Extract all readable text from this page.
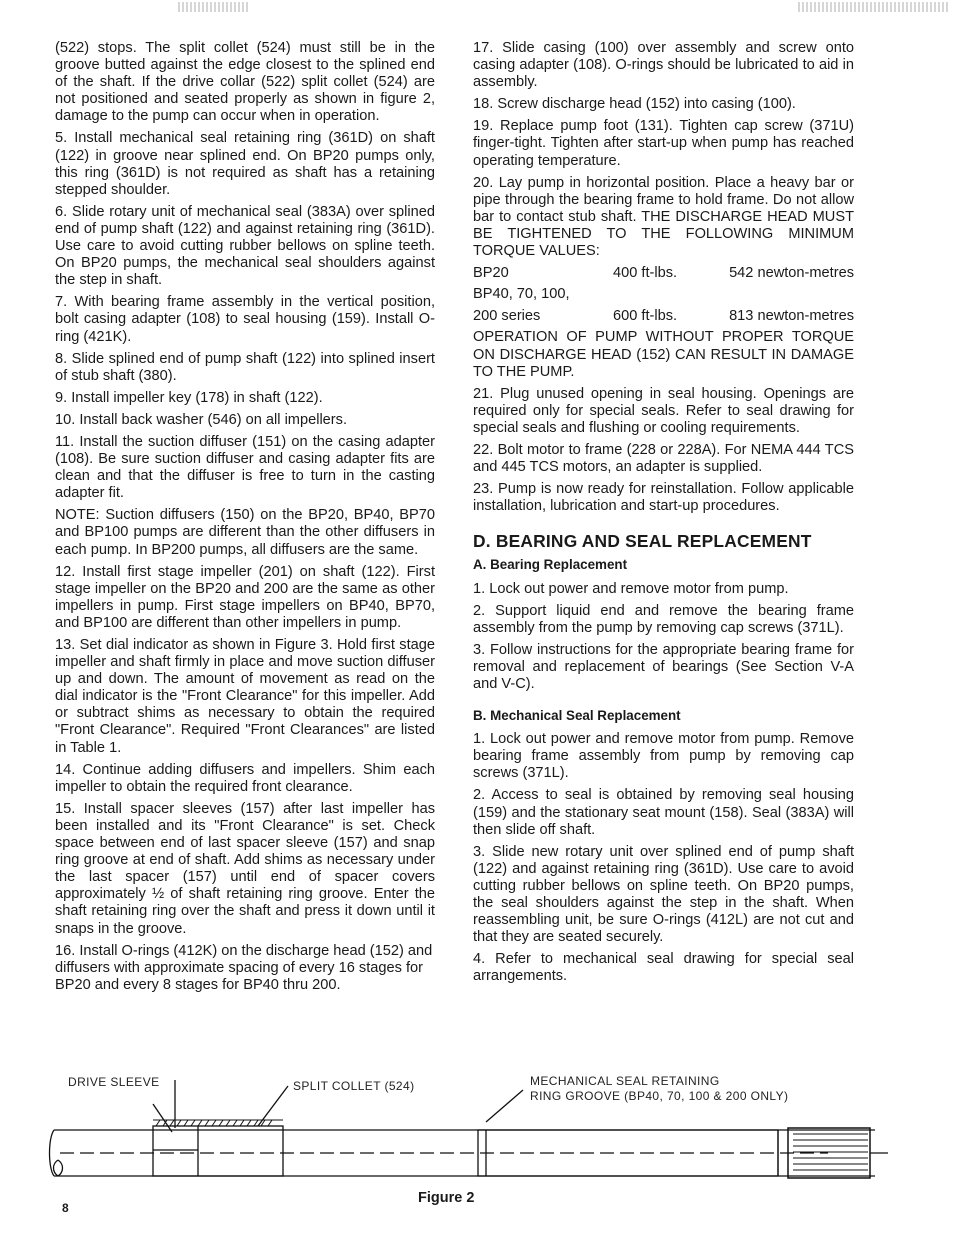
(522) stops. The split collet (524) must still be in the groove butted against the edge closest to the splined end of the shaft. If the drive collar (522) split collet (524) are not positioned and seated properly as shown in figure 2, damage to the pump can occur when in operation.

5. Install mechanical seal retaining ring (361D) on shaft (122) in groove near splined end. On BP20 pumps only, this ring (361D) is not required as shaft has a retaining stepped shoulder.

6. Slide rotary unit of mechanical seal (383A) over splined end of pump shaft (122) and against retaining ring (361D). Use care to avoid cutting rubber bellows on spline teeth. On BP20 pumps, the mechanical seal shoulders against the step in shaft.

7. With bearing frame assembly in the vertical position, bolt casing adapter (108) to seal housing (159). Install O-ring (421K).

8. Slide splined end of pump shaft (122) into splined insert of stub shaft (380).

9. Install impeller key (178) in shaft (122).

10. Install back washer (546) on all impellers.

11. Install the suction diffuser (151) on the casing adapter (108). Be sure suction diffuser and casing adapter fits are clean and that the diffuser is free to turn in the casting adapter fit.

NOTE: Suction diffusers (150) on the BP20, BP40, BP70 and BP100 pumps are different than the other diffusers in each pump. In BP200 pumps, all diffusers are the same.

12. Install first stage impeller (201) on shaft (122). First stage impeller on the BP20 and 200 are the same as other impellers in pump. First stage impellers on BP40, BP70, and BP100 are different than other impellers in pump.

13. Set dial indicator as shown in Figure 3. Hold first stage impeller and shaft firmly in place and move suction diffuser up and down. The amount of movement as read on the dial indicator is the "Front Clearance" for this impeller. Add or subtract shims as necessary to obtain the required "Front Clearance". Required "Front Clearances" are listed in Table 1.

14. Continue adding diffusers and impellers. Shim each impeller to obtain the required front clearance.

15. Install spacer sleeves (157) after last impeller has been installed and its "Front Clearance" is set. Check space between end of last spacer sleeve (157) and snap ring groove at end of shaft. Add shims as necessary under the last spacer (157) until end of spacer covers approximately ½ of shaft retaining ring groove. Enter the shaft retaining ring over the shaft and press it down until it snaps in the groove.

16. Install O-rings (412K) on the discharge head (152) and diffusers with approximate spacing of every 16 stages for BP20 and every 8 stages for BP40 thru 200.

17. Slide casing (100) over assembly and screw onto casing adapter (108). O-rings should be lubricated to aid in assembly.

18. Screw discharge head (152) into casing (100).

19. Replace pump foot (131). Tighten cap screw (371U) finger-tight. Tighten after start-up when pump has reached operating temperature.

20. Lay pump in horizontal position. Place a heavy bar or pipe through the bearing frame to hold frame. Do not allow bar to contact stub shaft. THE DISCHARGE HEAD MUST BE TIGHTENED TO THE FOLLOWING MINIMUM TORQUE VALUES:

BP20	400 ft-lbs.	542 newton-metres

BP40, 70, 100,

200 series	600 ft-lbs.	813 newton-metres

OPERATION OF PUMP WITHOUT PROPER TORQUE ON DISCHARGE HEAD (152) CAN RESULT IN DAMAGE TO THE PUMP.

21. Plug unused opening in seal housing. Openings are required only for special seals. Refer to seal drawing for special seals and flushing or cooling requirements.

22. Bolt motor to frame (228 or 228A). For NEMA 444 TCS and 445 TCS motors, an adapter is supplied.

23. Pump is now ready for reinstallation. Follow applicable installation, lubrication and start-up procedures.

D. BEARING AND SEAL REPLACEMENT
A. Bearing Replacement

1. Lock out power and remove motor from pump.

2. Support liquid end and remove the bearing frame assembly from the pump by removing cap screws (371L).

3. Follow instructions for the appropriate bearing frame for removal and replacement of bearings (See Section V-A and V-C).

B. Mechanical Seal Replacement

1. Lock out power and remove motor from pump. Remove bearing frame assembly from pump by removing cap screws (371L).

2. Access to seal is obtained by removing seal housing (159) and the stationary seat mount (158). Seal (383A) will then slide off shaft.

3. Slide new rotary unit over splined end of pump shaft (122) and against retaining ring (361D). Use care to avoid cutting rubber bellows on spline teeth. On BP20 pumps, the seal shoulders against the step in the shaft. When reassembling unit, be sure O-rings (412L) are not cut and that they are seated securely.

4. Refer to mechanical seal drawing for special seal arrangements.

DRIVE SLEEVE	SPLIT COLLET (524)	MECHANICAL SEAL RETAINING
RING GROOVE (BP40, 70, 100 & 200 ONLY)
Figure 2
8
